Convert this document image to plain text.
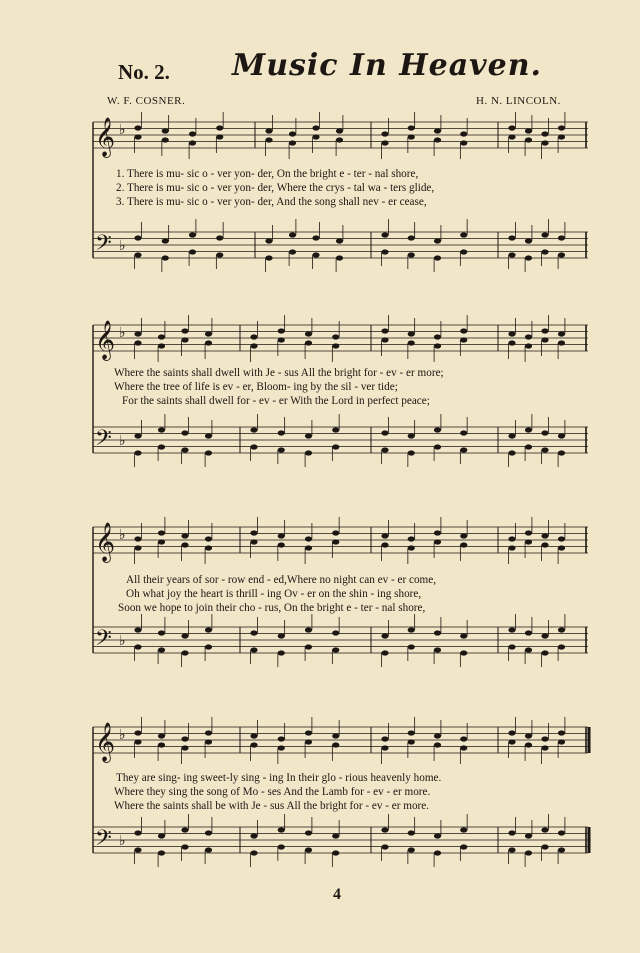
No. 2. Music In Heaven.
W. F. COSNER.	H. N. LINCOLN.
𝄞 ♭
𝄢 ♭
1. There is mu- sic o - ver yon- der, On the bright e - ter - nal shore,
2. There is mu- sic o - ver yon- der, Where the crys - tal wa - ters glide,
3. There is mu- sic o - ver yon- der, And the song shall nev - er cease,
𝄞 ♭
𝄢 ♭
Where the saints shall dwell with Je - sus All the bright for - ev - er more;
Where the tree of life is ev - er, Bloom- ing by the sil - ver tide;
For the saints shall dwell for - ev - er With the Lord in perfect peace;
𝄞 ♭
𝄢 ♭
All their years of sor - row end - ed,Where no night can ev - er come,
Oh what joy the heart is thrill - ing Ov - er on the shin - ing shore,
Soon we hope to join their cho - rus, On the bright e - ter - nal shore,
𝄞 ♭
𝄢 ♭
They are sing- ing sweet-ly sing - ing In their glo - rious heavenly home.
Where they sing the song of Mo - ses And the Lamb for - ev - er more.
Where the saints shall be with Je - sus All the bright for - ev - er more.
4
